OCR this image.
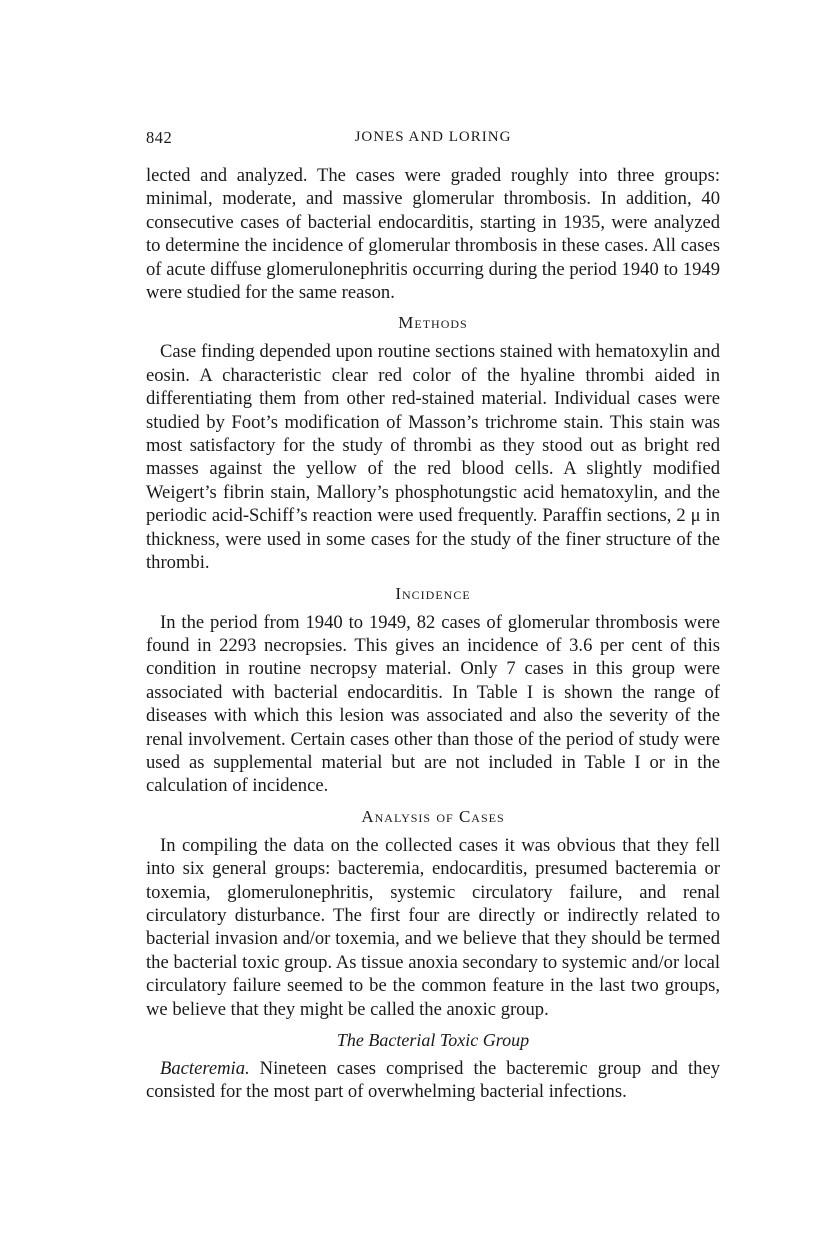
842	JONES AND LORING

lected and analyzed. The cases were graded roughly into three groups: minimal, moderate, and massive glomerular thrombosis. In addition, 40 consecutive cases of bacterial endocarditis, starting in 1935, were analyzed to determine the incidence of glomerular thrombosis in these cases. All cases of acute diffuse glomerulonephritis occurring during the period 1940 to 1949 were studied for the same reason.

Methods

Case finding depended upon routine sections stained with hematoxylin and eosin. A characteristic clear red color of the hyaline thrombi aided in differentiating them from other red-stained material. Individual cases were studied by Foot’s modification of Masson’s trichrome stain. This stain was most satisfactory for the study of thrombi as they stood out as bright red masses against the yellow of the red blood cells. A slightly modified Weigert’s fibrin stain, Mallory’s phosphotungstic acid hematoxylin, and the periodic acid-Schiff’s reaction were used frequently. Paraffin sections, 2 μ in thickness, were used in some cases for the study of the finer structure of the thrombi.

Incidence

In the period from 1940 to 1949, 82 cases of glomerular thrombosis were found in 2293 necropsies. This gives an incidence of 3.6 per cent of this condition in routine necropsy material. Only 7 cases in this group were associated with bacterial endocarditis. In Table I is shown the range of diseases with which this lesion was associated and also the severity of the renal involvement. Certain cases other than those of the period of study were used as supplemental material but are not included in Table I or in the calculation of incidence.

Analysis of Cases

In compiling the data on the collected cases it was obvious that they fell into six general groups: bacteremia, endocarditis, presumed bacteremia or toxemia, glomerulonephritis, systemic circulatory failure, and renal circulatory disturbance. The first four are directly or indirectly related to bacterial invasion and/or toxemia, and we believe that they should be termed the bacterial toxic group. As tissue anoxia secondary to systemic and/or local circulatory failure seemed to be the common feature in the last two groups, we believe that they might be called the anoxic group.

The Bacterial Toxic Group

Bacteremia. Nineteen cases comprised the bacteremic group and they consisted for the most part of overwhelming bacterial infections.
